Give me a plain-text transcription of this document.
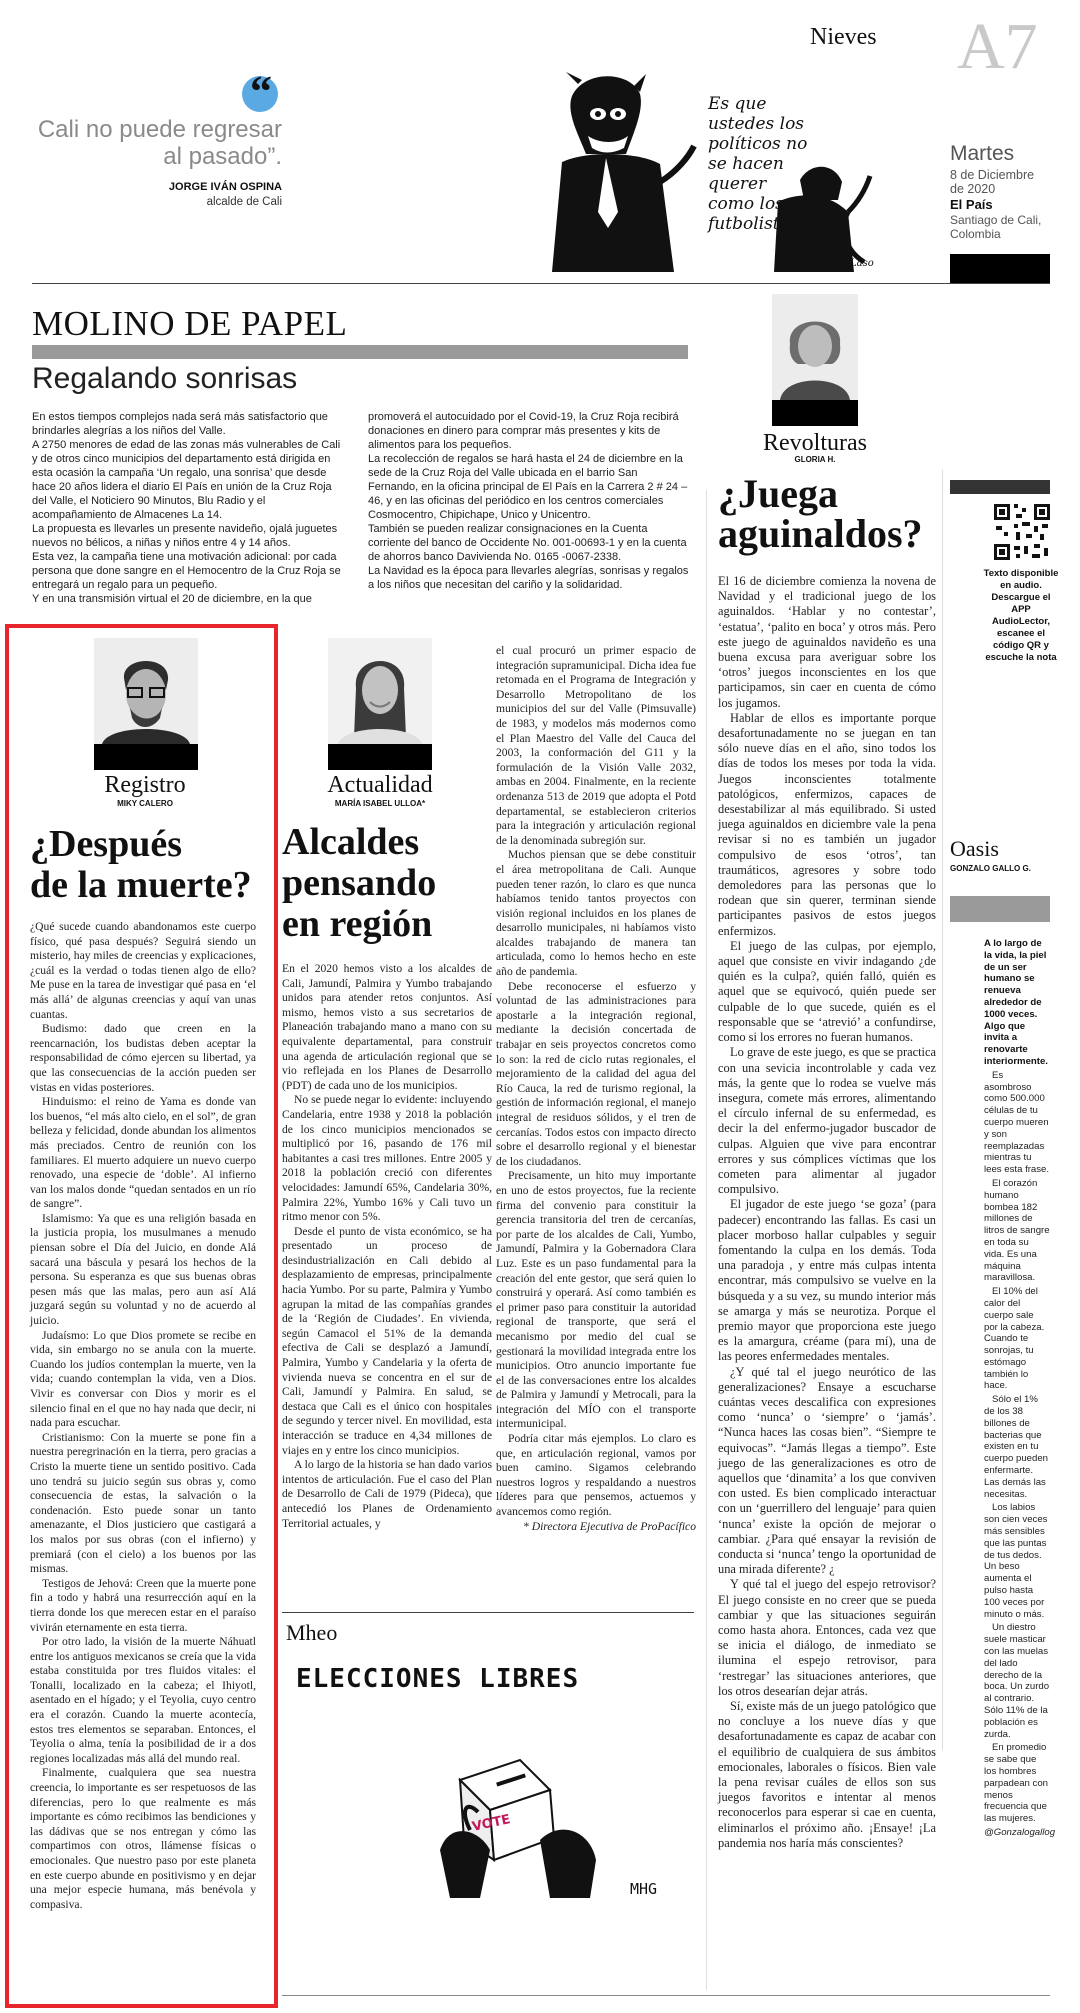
“
Cali no puede regresar
al pasado”.
JORGE IVÁN OSPINA
alcalde de Cali
Es que
ustedes los
políticos no
se hacen
querer
como los
futbolistas.
Laso
Nieves A7
Martes
8 de Diciembre
de 2020
El País
Santiago de Cali,
Colombia
MOLINO DE PAPEL
Regalando sonrisas

En estos tiempos complejos nada será más satisfactorio que brindarles alegrías a los niños del Valle.

A 2750 menores de edad de las zonas más vulnerables de Cali y de otros cinco municipios del departamento está dirigida en esta ocasión la campaña ‘Un regalo, una sonrisa’ que desde hace 20 años lidera el diario El País en unión de la Cruz Roja del Valle, el Noticiero 90 Minutos, Blu Radio y el acompañamiento de Almacenes La 14.

La propuesta es llevarles un presente navideño, ojalá juguetes nuevos no bélicos, a niñas y niños entre 4 y 14 años.

Esta vez, la campaña tiene una motivación adicional: por cada persona que done sangre en el Hemocentro de la Cruz Roja se entregará un regalo para un pequeño.

Y en una transmisión virtual el 20 de diciembre, en la que

promoverá el autocuidado por el Covid-19, la Cruz Roja recibirá donaciones en dinero para comprar más presentes y kits de alimentos para los pequeños.

La recolección de regalos se hará hasta el 24 de diciembre en la sede de la Cruz Roja del Valle ubicada en el barrio San Fernando, en la oficina principal de El País en la Carrera 2 # 24 – 46, y en las oficinas del periódico en los centros comerciales Cosmocentro, Chipichape, Unico y Unicentro.

También se pueden realizar consignaciones en la Cuenta corriente del banco de Occidente No. 001-00693-1 y en la cuenta de ahorros banco Davivienda No. 0165 -0067-2338.

La Navidad es la época para llevarles alegrías, sonrisas y regalos a los niños que necesitan del cariño y la solidaridad.

Revolturas
GLORIA H.
¿Juega
aguinaldos?

El 16 de diciembre comienza la novena de Navidad y el tradicional juego de los aguinaldos. ‘Hablar y no contestar’, ‘estatua’, ‘palito en boca’ y otros más. Pero este juego de aguinaldos navideño es una buena excusa para averiguar sobre los ‘otros’ juegos inconscientes en los que participamos, sin caer en cuenta de cómo los jugamos.

Hablar de ellos es importante porque desafortunadamente no se juegan en tan sólo nueve días en el año, sino todos los días de todos los meses por toda la vida. Juegos inconscientes totalmente patológicos, enfermizos, capaces de desestabilizar al más equilibrado. Si usted juega aguinaldos en diciembre vale la pena revisar si no es también un jugador compulsivo de esos ‘otros’, tan traumáticos, agresores y sobre todo demoledores para las personas que lo rodean que sin querer, terminan siende participantes pasivos de estos juegos enfermizos.

El juego de las culpas, por ejemplo, aquel que consiste en vivir indagando ¿de quién es la culpa?, quién falló, quién es aquel que se equivocó, quién puede ser culpable de lo que sucede, quién es el responsable que se ‘atrevió’ a confundirse, como si los errores no fueran humanos.

Lo grave de este juego, es que se practica con una sevicia incontrolable y cada vez más, la gente que lo rodea se vuelve más insegura, comete más errores, alimentando el círculo infernal de su enfermedad, es decir la del enfermo-jugador buscador de culpas. Alguien que vive para encontrar errores y sus cómplices víctimas que los cometen para alimentar al jugador compulsivo.

El jugador de este juego ‘se goza’ (para padecer) encontrando las fallas. Es casi un placer morboso hallar culpables y seguir fomentando la culpa en los demás. Toda una paradoja , y entre más culpas intenta encontrar, más compulsivo se vuelve en la búsqueda y a su vez, su mundo interior más se amarga y más se neurotiza. Porque el premio mayor que proporciona este juego es la amargura, créame (para mí), una de las peores enfermedades mentales.

¿Y qué tal el juego neurótico de las generalizaciones? Ensaye a escucharse cuántas veces descalifica con expresiones como ‘nunca’ o ‘siempre’ o ‘jamás’. “Nunca haces las cosas bien”. “Siempre te equivocas”. “Jamás llegas a tiempo”. Este juego de las generalizaciones es otro de aquellos que ‘dinamita’ a los que conviven con usted. Es bien complicado interactuar con un ‘guerrillero del lenguaje’ para quien ‘nunca’ existe la opción de mejorar o cambiar. ¿Para qué ensayar la revisión de conducta si ‘nunca’ tengo la oportunidad de una mirada diferente? ¿

Y qué tal el juego del espejo retrovisor? El juego consiste en no creer que se pueda cambiar y que las situaciones seguirán como hasta ahora. Entonces, cada vez que se inicia el diálogo, de inmediato se ilumina el espejo retrovisor, para ‘restregar’ las situaciones anteriores, que los otros desearían dejar atrás.

Sí, existe más de un juego patológico que no concluye a los nueve días y que desafortunadamente es capaz de acabar con el equilibrio de cualquiera de sus ámbitos emocionales, laborales o físicos. Bien vale la pena revisar cuáles de ellos son sus juegos favoritos e intentar al menos reconocerlos para esperar si cae en cuenta, eliminarlos el próximo año. ¡Ensaye! ¡La pandemia nos haría más conscientes?

Texto disponible en audio. Descargue el APP AudioLector, escanee el código QR y escuche la nota
Oasis
GONZALO GALLO G.

A lo largo de la vida, la piel de un ser humano se renueva alrededor de 1000 veces. Algo que invita a renovarte interiormente.

Es asombroso como 500.000 células de tu cuerpo mueren y son reemplazadas mientras tu lees esta frase.

El corazón humano bombea 182 millones de litros de sangre en toda su vida. Es una máquina maravillosa.

El 10% del calor del cuerpo sale por la cabeza. Cuando te sonrojas, tu estómago también lo hace.

Sólo el 1% de los 38 billones de bacterias que existen en tu cuerpo pueden enfermarte. Las demás las necesitas.

Los labios son cien veces más sensibles que las puntas de tus dedos. Un beso aumenta el pulso hasta 100 veces por minuto o más.

Un diestro suele masticar con las muelas del lado derecho de la boca. Un zurdo al contrario. Sólo 11% de la población es zurda.

En promedio se sabe que los hombres parpadean con menos frecuencia que las mujeres.

@Gonzalogallog

Registro
MIKY CALERO
¿Después
de la muerte?

¿Qué sucede cuando abandonamos este cuerpo físico, qué pasa después? Seguirá siendo un misterio, hay miles de creencias y explicaciones, ¿cuál es la verdad o todas tienen algo de ello? Me puse en la tarea de investigar qué pasa en ‘el más allá’ de algunas creencias y aquí van unas cuantas.

Budismo: dado que creen en la reencarnación, los budistas deben aceptar la responsabilidad de cómo ejercen su libertad, ya que las consecuencias de la acción pueden ser vistas en vidas posteriores.

Hinduismo: el reino de Yama es donde van los buenos, “el más alto cielo, en el sol”, de gran belleza y felicidad, donde abundan los alimentos más preciados. Centro de reunión con los familiares. El muerto adquiere un nuevo cuerpo renovado, una especie de ‘doble’. Al infierno van los malos donde “quedan sentados en un río de sangre”.

Islamismo: Ya que es una religión basada en la justicia propia, los musulmanes a menudo piensan sobre el Día del Juicio, en donde Alá sacará una báscula y pesará los hechos de la persona. Su esperanza es que sus buenas obras pesen más que las malas, pero aun así Alá juzgará según su voluntad y no de acuerdo al juicio.

Judaísmo: Lo que Dios promete se recibe en vida, sin embargo no se anula con la muerte. Cuando los judíos contemplan la muerte, ven la vida; cuando contemplan la vida, ven a Dios. Vivir es conversar con Dios y morir es el silencio final en el que no hay nada que decir, ni nada para escuchar.

Cristianismo: Con la muerte se pone fin a nuestra peregrinación en la tierra, pero gracias a Cristo la muerte tiene un sentido positivo. Cada uno tendrá su juicio según sus obras y, como consecuencia de estas, la salvación o la condenación. Esto puede sonar un tanto amenazante, el Dios justiciero que castigará a los malos por sus obras (con el infierno) y premiará (con el cielo) a los buenos por las mismas.

Testigos de Jehová: Creen que la muerte pone fin a todo y habrá una resurrección aquí en la tierra donde los que merecen estar en el paraíso vivirán eternamente en esta tierra.

Por otro lado, la visión de la muerte Náhuatl entre los antiguos mexicanos se creía que la vida estaba constituida por tres fluidos vitales: el Tonalli, localizado en la cabeza; el Ihiyotl, asentado en el hígado; y el Teyolia, cuyo centro era el corazón. Cuando la muerte acontecía, estos tres elementos se separaban. Entonces, el Teyolia o alma, tenía la posibilidad de ir a dos regiones localizadas más allá del mundo real.

Finalmente, cualquiera que sea nuestra creencia, lo importante es ser respetuosos de las diferencias, pero lo que realmente es más importante es cómo recibimos las bendiciones y las dádivas que se nos entregan y cómo las compartimos con otros, llámense físicas o emocionales. Que nuestro paso por este planeta en este cuerpo abunde en positivismo y en dejar una mejor especie humana, más benévola y compasiva.

Actualidad
MARÍA ISABEL ULLOA*
Alcaldes
pensando
en región

En el 2020 hemos visto a los alcaldes de Cali, Jamundí, Palmira y Yumbo trabajando unidos para atender retos conjuntos. Así mismo, hemos visto a sus secretarios de Planeación trabajando mano a mano con su equivalente departamental, para construir una agenda de articulación regional que se vio reflejada en los Planes de Desarrollo (PDT) de cada uno de los municipios.

No se puede negar lo evidente: incluyendo Candelaria, entre 1938 y 2018 la población de los cinco municipios mencionados se multiplicó por 16, pasando de 176 mil habitantes a casi tres millones. Entre 2005 y 2018 la población creció con diferentes velocidades: Jamundí 65%, Candelaria 30%, Palmira 22%, Yumbo 16% y Cali tuvo un ritmo menor con 5%.

Desde el punto de vista económico, se ha presentado un proceso de desindustrialización en Cali debido al desplazamiento de empresas, principalmente hacia Yumbo. Por su parte, Palmira y Yumbo agrupan la mitad de las compañías grandes de la ‘Región de Ciudades’. En vivienda, según Camacol el 51% de la demanda efectiva de Cali se desplazó a Jamundí, Palmira, Yumbo y Candelaria y la oferta de vivienda nueva se concentra en el sur de Cali, Jamundí y Palmira. En salud, se destaca que Cali es el único con hospitales de segundo y tercer nivel. En movilidad, esta interacción se traduce en 4,34 millones de viajes en y entre los cinco municipios.

A lo largo de la historia se han dado varios intentos de articulación. Fue el caso del Plan de Desarrollo de Cali de 1979 (Pideca), que antecedió los Planes de Ordenamiento Territorial actuales, y

el cual procuró un primer espacio de integración supramunicipal. Dicha idea fue retomada en el Programa de Integración y Desarrollo Metropolitano de los municipios del sur del Valle (Pimsuvalle) de 1983, y modelos más modernos como el Plan Maestro del Valle del Cauca del 2003, la conformación del G11 y la formulación de la Visión Valle 2032, ambas en 2004. Finalmente, en la reciente ordenanza 513 de 2019 que adopta el Potd departamental, se establecieron criterios para la integración y articulación regional de la denominada subregión sur.

Muchos piensan que se debe constituir el área metropolitana de Cali. Aunque pueden tener razón, lo claro es que nunca habíamos tenido tantos proyectos con visión regional incluidos en los planes de desarrollo municipales, ni habíamos visto alcaldes trabajando de manera tan articulada, como lo hemos hecho en este año de pandemia.

Debe reconocerse el esfuerzo y voluntad de las administraciones para apostarle a la integración regional, mediante la decisión concertada de trabajar en seis proyectos concretos como lo son: la red de ciclo rutas regionales, el mejoramiento de la calidad del agua del Río Cauca, la red de turismo regional, la gestión de información regional, el manejo integral de residuos sólidos, y el tren de cercanías. Todos estos con impacto directo sobre el desarrollo regional y el bienestar de los ciudadanos.

Precisamente, un hito muy importante en uno de estos proyectos, fue la reciente firma del convenio para constituir la gerencia transitoria del tren de cercanías, por parte de los alcaldes de Cali, Yumbo, Jamundí, Palmira y la Gobernadora Clara Luz. Este es un paso fundamental para la creación del ente gestor, que será quien lo construirá y operará. Así como también es el primer paso para constituir la autoridad regional de transporte, que será el mecanismo por medio del cual se gestionará la movilidad integrada entre los municipios. Otro anuncio importante fue el de las conversaciones entre los alcaldes de Palmira y Jamundí y Metrocali, para la integración del MÍO con el transporte intermunicipal.

Podría citar más ejemplos. Lo claro es que, en articulación regional, vamos por buen camino. Sigamos celebrando nuestros logros y respaldando a nuestros líderes para que pensemos, actuemos y avancemos como región.

* Directora Ejecutiva de ProPacífico

Mheo
ELECCIONES LIBRES
VOTE
MHG
